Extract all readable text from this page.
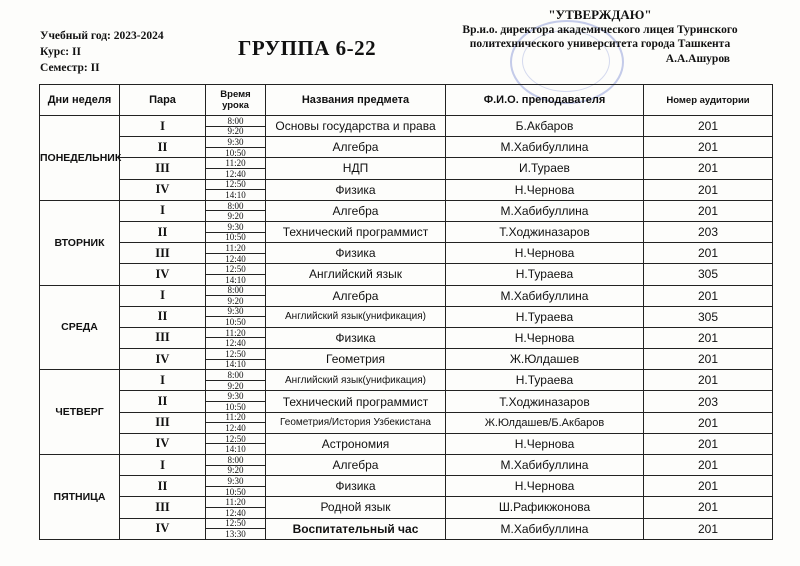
Учебный год: 2023-2024
Курс: II
Семестр: II
ГРУППА 6-22
"УТВЕРЖДАЮ"
Вр.и.о. директора академического лицея Туринского
политехнического университета города Ташкента
А.А.Ашуров
Дни неделя	Пара	Время урока	Названия предмета	Ф.И.О. преподавателя	Номер аудитории
ПОНЕДЕЛЬНИК	I	8:00	Основы государства и права	Б.Акбаров	201
		9:20			
	II	9:30	Алгебра	М.Хабибуллина	201
		10:50			
	III	11:20	НДП	И.Тураев	201
		12:40			
	IV	12:50	Физика	Н.Чернова	201
		14:10			
ВТОРНИК	I	8:00	Алгебра	М.Хабибуллина	201
		9:20			
	II	9:30	Технический программист	Т.Ходжиназаров	203
		10:50			
	III	11:20	Физика	Н.Чернова	201
		12:40			
	IV	12:50	Английский язык	Н.Тураева	305
		14:10			
СРЕДА	I	8:00	Алгебра	М.Хабибуллина	201
		9:20			
	II	9:30	Английский язык(унификация)	Н.Тураева	305
		10:50			
	III	11:20	Физика	Н.Чернова	201
		12:40			
	IV	12:50	Геометрия	Ж.Юлдашев	201
		14:10			
ЧЕТВЕРГ	I	8:00	Английский язык(унификация)	Н.Тураева	201
		9:20			
	II	9:30	Технический программист	Т.Ходжиназаров	203
		10:50			
	III	11:20	Геометрия/История Узбекистана	Ж.Юлдашев/Б.Акбаров	201
		12:40			
	IV	12:50	Астрономия	Н.Чернова	201
		14:10			
ПЯТНИЦА	I	8:00	Алгебра	М.Хабибуллина	201
		9:20			
	II	9:30	Физика	Н.Чернова	201
		10:50			
	III	11:20	Родной язык	Ш.Рафикжонова	201
		12:40			
	IV	12:50	Воспитательный час	М.Хабибуллина	201
		13:30			
